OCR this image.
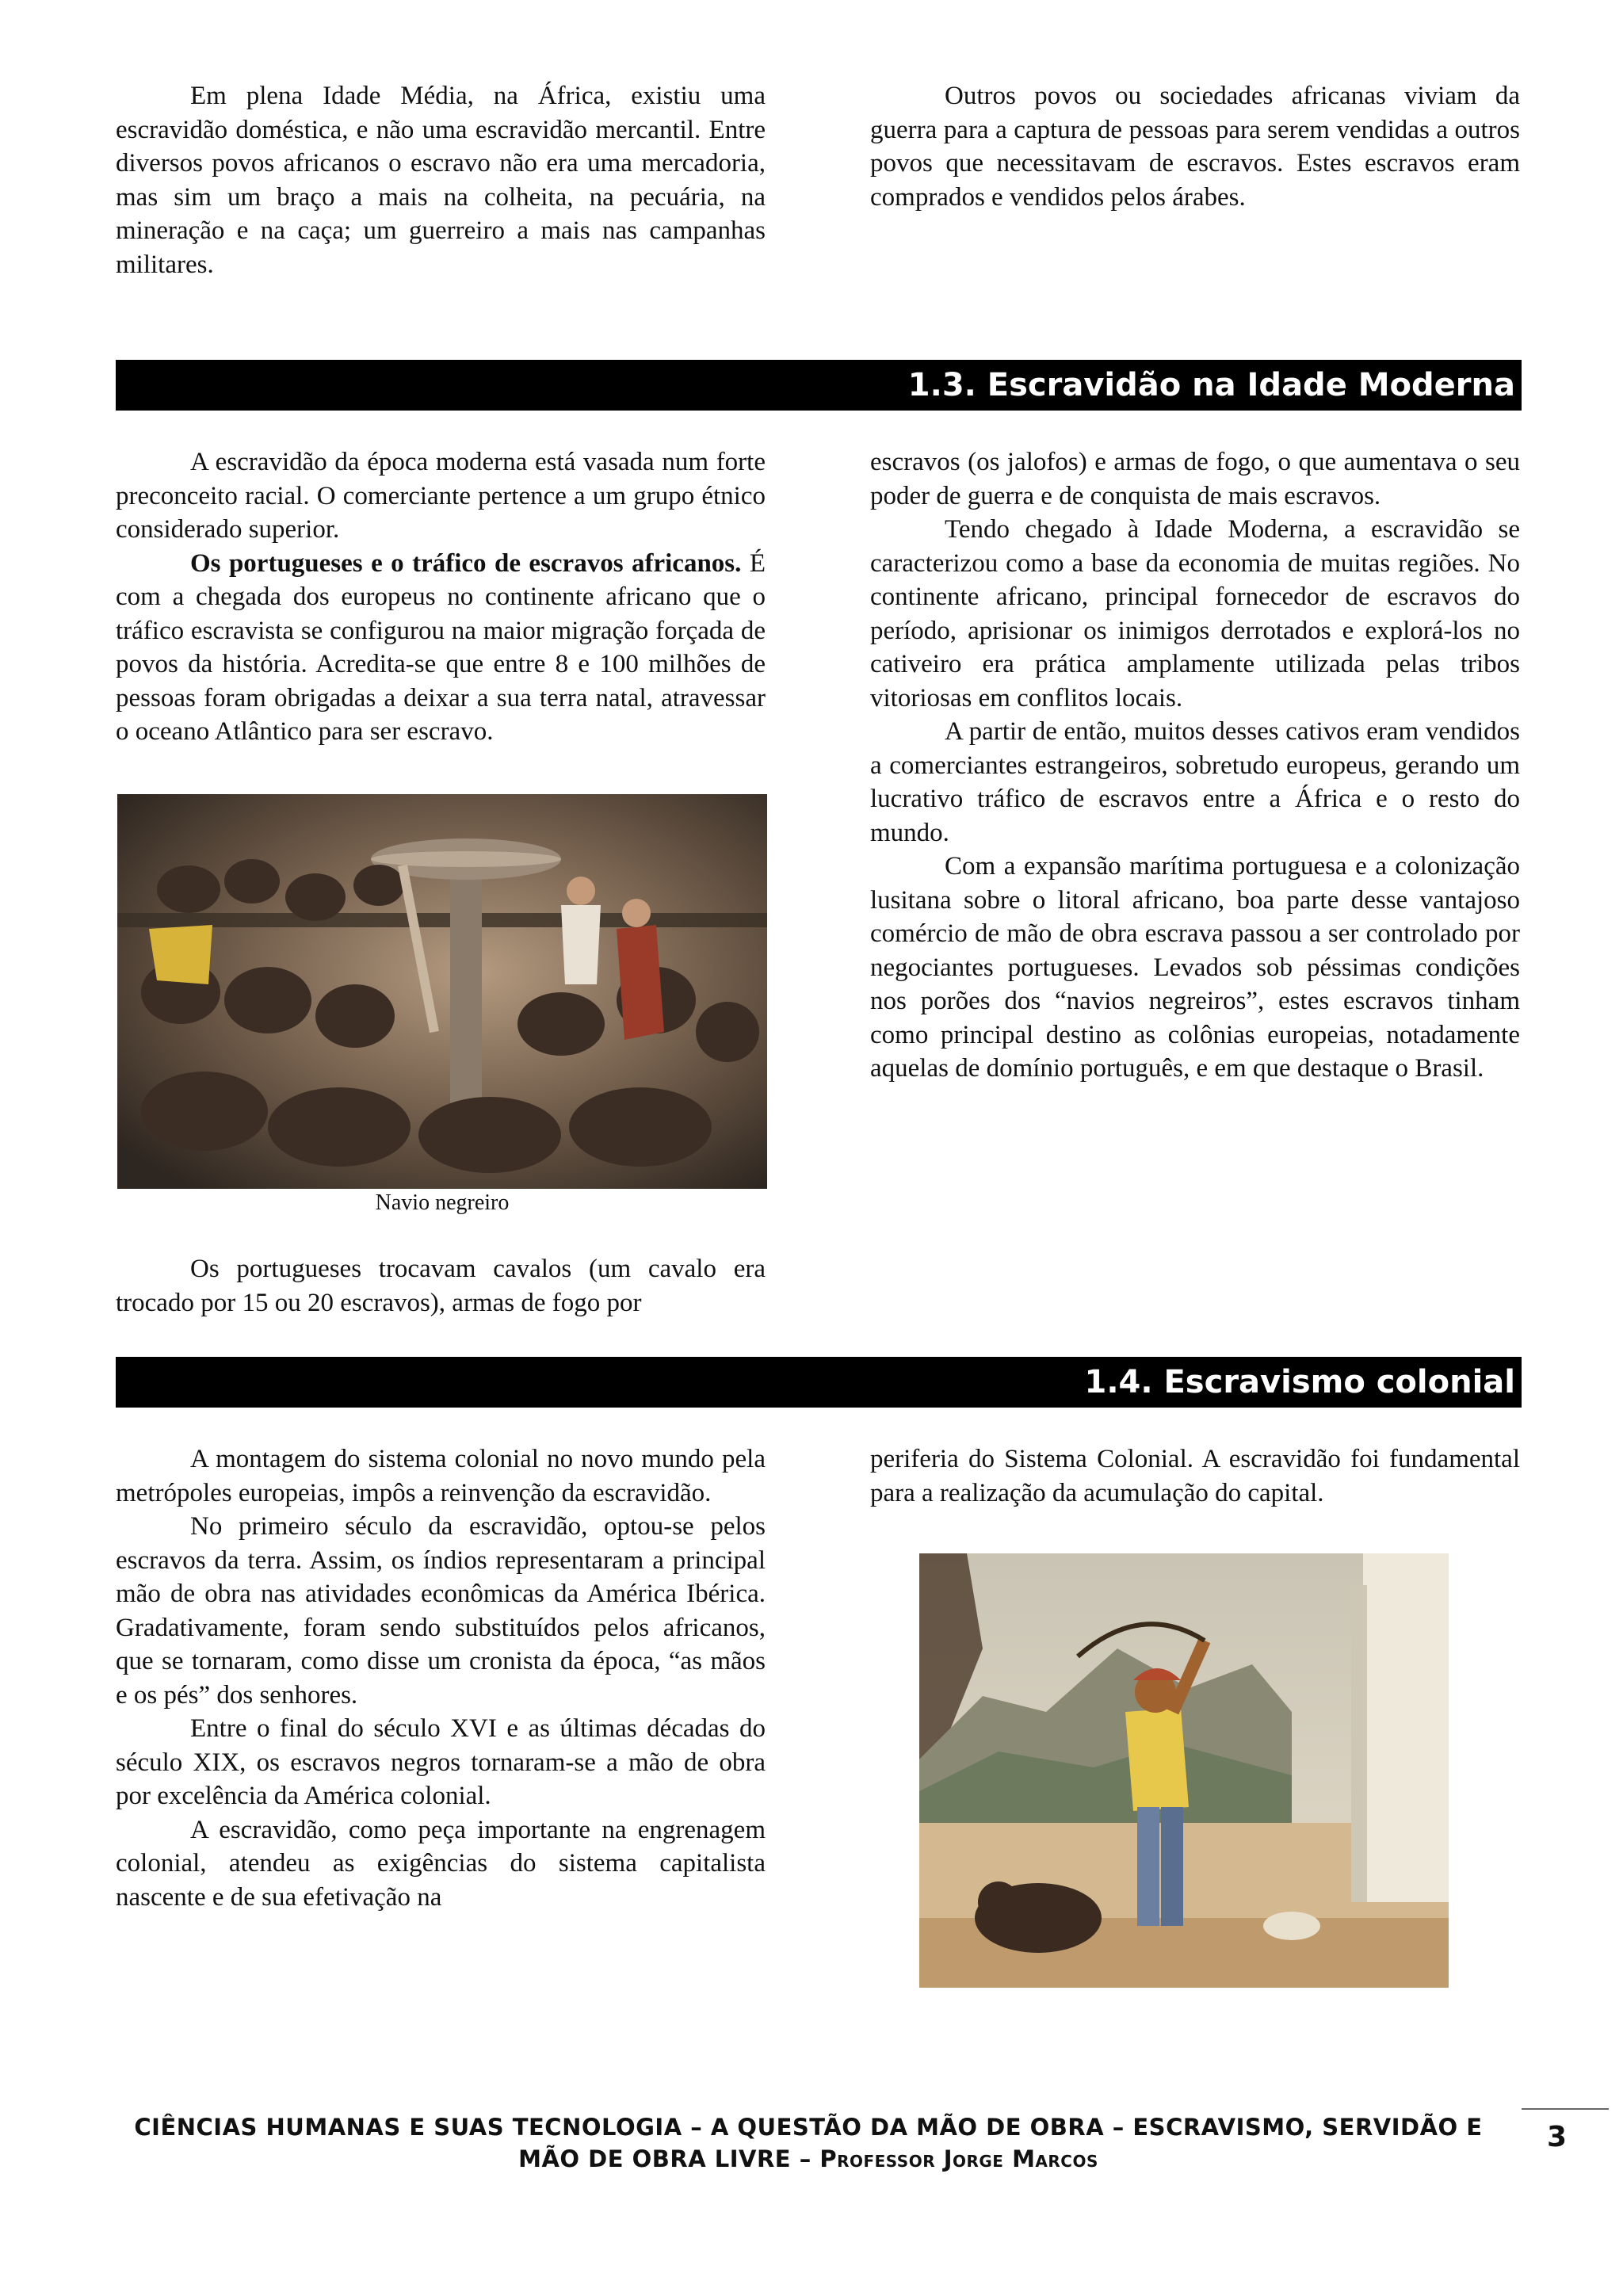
Em plena Idade Média, na África, existiu uma escravidão doméstica, e não uma escravidão mercantil. Entre diversos povos africanos o escravo não era uma mercadoria, mas sim um braço a mais na colheita, na pecuária, na mineração e na caça; um guerreiro a mais nas campanhas militares.

Outros povos ou sociedades africanas viviam da guerra para a captura de pessoas para serem vendidas a outros povos que necessitavam de escravos. Estes escravos eram comprados e vendidos pelos árabes.

1.3. Escravidão na Idade Moderna

A escravidão da época moderna está vasada num forte preconceito racial. O comerciante pertence a um grupo étnico considerado superior.

Os portugueses e o tráfico de escravos africanos. É com a chegada dos europeus no continente africano que o tráfico escravista se configurou na maior migração forçada de povos da história. Acredita-se que entre 8 e 100 milhões de pessoas foram obrigadas a deixar a sua terra natal, atravessar o oceano Atlântico para ser escravo.

Navio negreiro

Os portugueses trocavam cavalos (um cavalo era trocado por 15 ou 20 escravos), armas de fogo por

escravos (os jalofos) e armas de fogo, o que aumentava o seu poder de guerra e de conquista de mais escravos.

Tendo chegado à Idade Moderna, a escravidão se caracterizou como a base da economia de muitas regiões. No continente africano, principal fornecedor de escravos do período, aprisionar os inimigos derrotados e explorá-los no cativeiro era prática amplamente utilizada pelas tribos vitoriosas em conflitos locais.

A partir de então, muitos desses cativos eram vendidos a comerciantes estrangeiros, sobretudo europeus, gerando um lucrativo tráfico de escravos entre a África e o resto do mundo.

Com a expansão marítima portuguesa e a colonização lusitana sobre o litoral africano, boa parte desse vantajoso comércio de mão de obra escrava passou a ser controlado por negociantes portugueses. Levados sob péssimas condições nos porões dos “navios negreiros”, estes escravos tinham como principal destino as colônias europeias, notadamente aquelas de domínio português, e em que destaque o Brasil.

1.4. Escravismo colonial

A montagem do sistema colonial no novo mundo pela metrópoles europeias, impôs a reinvenção da escravidão.

No primeiro século da escravidão, optou-se pelos escravos da terra. Assim, os índios representaram a principal mão de obra nas atividades econômicas da América Ibérica. Gradativamente, foram sendo substituídos pelos africanos, que se tornaram, como disse um cronista da época, “as mãos e os pés” dos senhores.

Entre o final do século XVI e as últimas décadas do século XIX, os escravos negros tornaram-se a mão de obra por excelência da América colonial.

A escravidão, como peça importante na engrenagem colonial, atendeu as exigências do sistema capitalista nascente e de sua efetivação na

periferia do Sistema Colonial. A escravidão foi fundamental para a realização da acumulação do capital.

CIÊNCIAS HUMANAS E SUAS TECNOLOGIA – A QUESTÃO DA MÃO DE OBRA – ESCRAVISMO, SERVIDÃO E
MÃO DE OBRA LIVRE – Professor Jorge Marcos
3
